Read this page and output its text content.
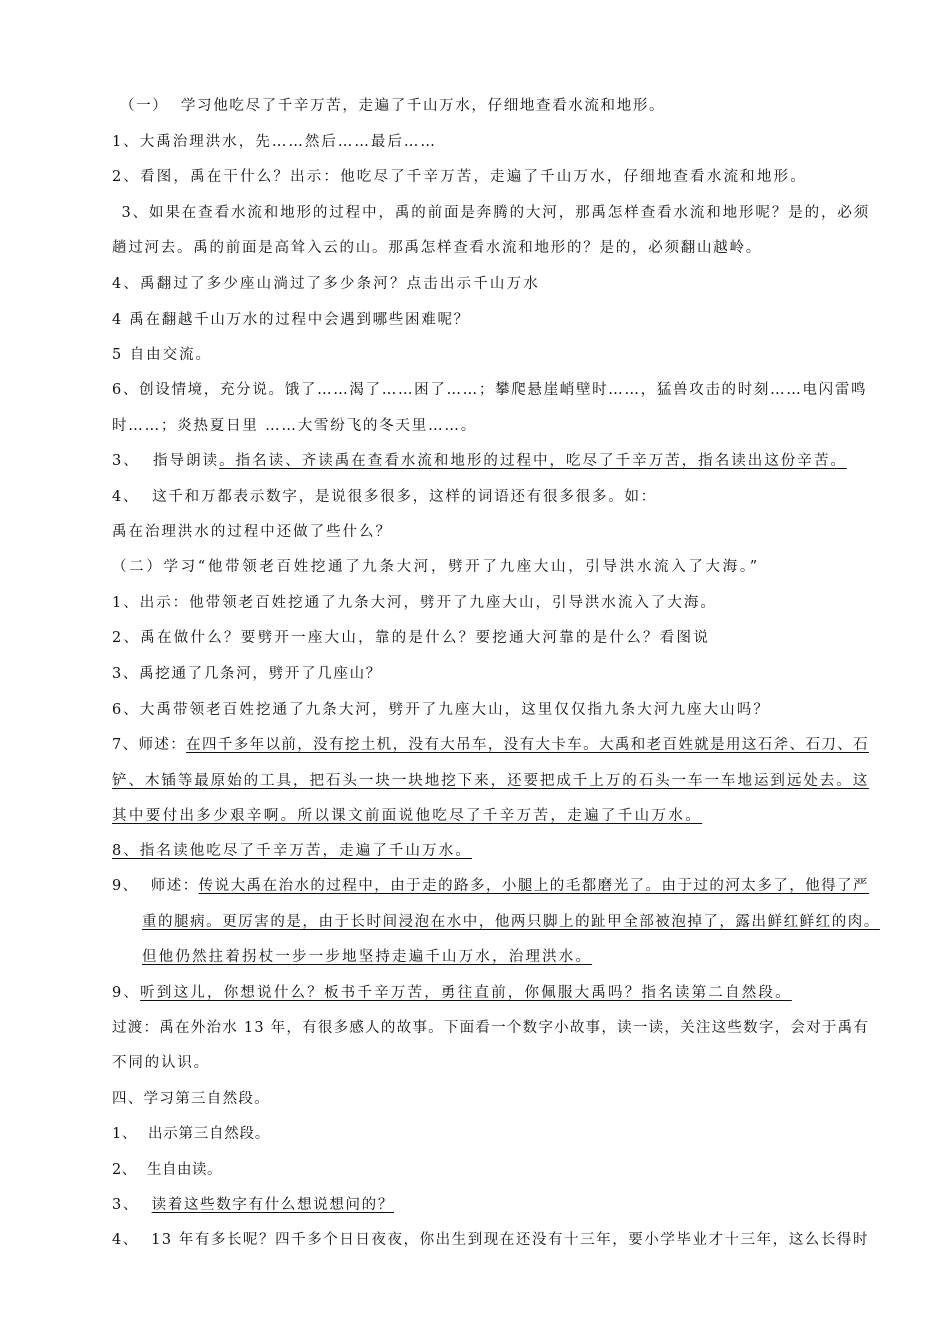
（一）  学习他吃尽了千辛万苦，走遍了千山万水，仔细地查看水流和地形。
1、大禹治理洪水，先……然后……最后……
2、看图，禹在干什么？出示：他吃尽了千辛万苦，走遍了千山万水，仔细地查看水流和地形。
3、如果在查看水流和地形的过程中，禹的前面是奔腾的大河，那禹怎样查看水流和地形呢？是的，必须
趟过河去。禹的前面是高耸入云的山。那禹怎样查看水流和地形的？是的，必须翻山越岭。
4、禹翻过了多少座山淌过了多少条河？点击出示千山万水
4 禹在翻越千山万水的过程中会遇到哪些困难呢？
5 自由交流。
6、创设情境，充分说。饿了……渴了……困了……；攀爬悬崖峭壁时……，猛兽攻击的时刻……电闪雷鸣
时……；炎热夏日里 ……大雪纷飞的冬天里……。
3、  指导朗读。指名读、齐读禹在查看水流和地形的过程中，吃尽了千辛万苦，指名读出这份辛苦。
4、  这千和万都表示数字，是说很多很多，这样的词语还有很多很多。如：
禹在治理洪水的过程中还做了些什么？
（二）学习“他带领老百姓挖通了九条大河，劈开了九座大山，引导洪水流入了大海。”
1、出示：他带领老百姓挖通了九条大河，劈开了九座大山，引导洪水流入了大海。
2、禹在做什么？要劈开一座大山，靠的是什么？要挖通大河靠的是什么？看图说
3、禹挖通了几条河，劈开了几座山？
6、大禹带领老百姓挖通了九条大河，劈开了九座大山，这里仅仅指九条大河九座大山吗？
7、师述：在四千多年以前，没有挖土机，没有大吊车，没有大卡车。大禹和老百姓就是用这石斧、石刀、石
铲、木锸等最原始的工具，把石头一块一块地挖下来，还要把成千上万的石头一车一车地运到远处去。这
其中要付出多少艰辛啊。所以课文前面说他吃尽了千辛万苦，走遍了千山万水。
8、指名读他吃尽了千辛万苦，走遍了千山万水。
9、  师述：传说大禹在治水的过程中，由于走的路多，小腿上的毛都磨光了。由于过的河太多了，他得了严
重的腿病。更厉害的是，由于长时间浸泡在水中，他两只脚上的趾甲全部被泡掉了，露出鲜红鲜红的肉。
但他仍然拄着拐杖一步一步地坚持走遍千山万水，治理洪水。
9、听到这儿，你想说什么？板书千辛万苦，勇往直前，你佩服大禹吗？指名读第二自然段。
过渡：禹在外治水 13 年，有很多感人的故事。下面看一个数字小故事，读一读，关注这些数字，会对于禹有
不同的认识。
四、学习第三自然段。
1、  出示第三自然段。
2、  生自由读。
3、  读着这些数字有什么想说想问的？
4、  13 年有多长呢？四千多个日日夜夜，你出生到现在还没有十三年，要小学毕业才十三年，这么长得时
